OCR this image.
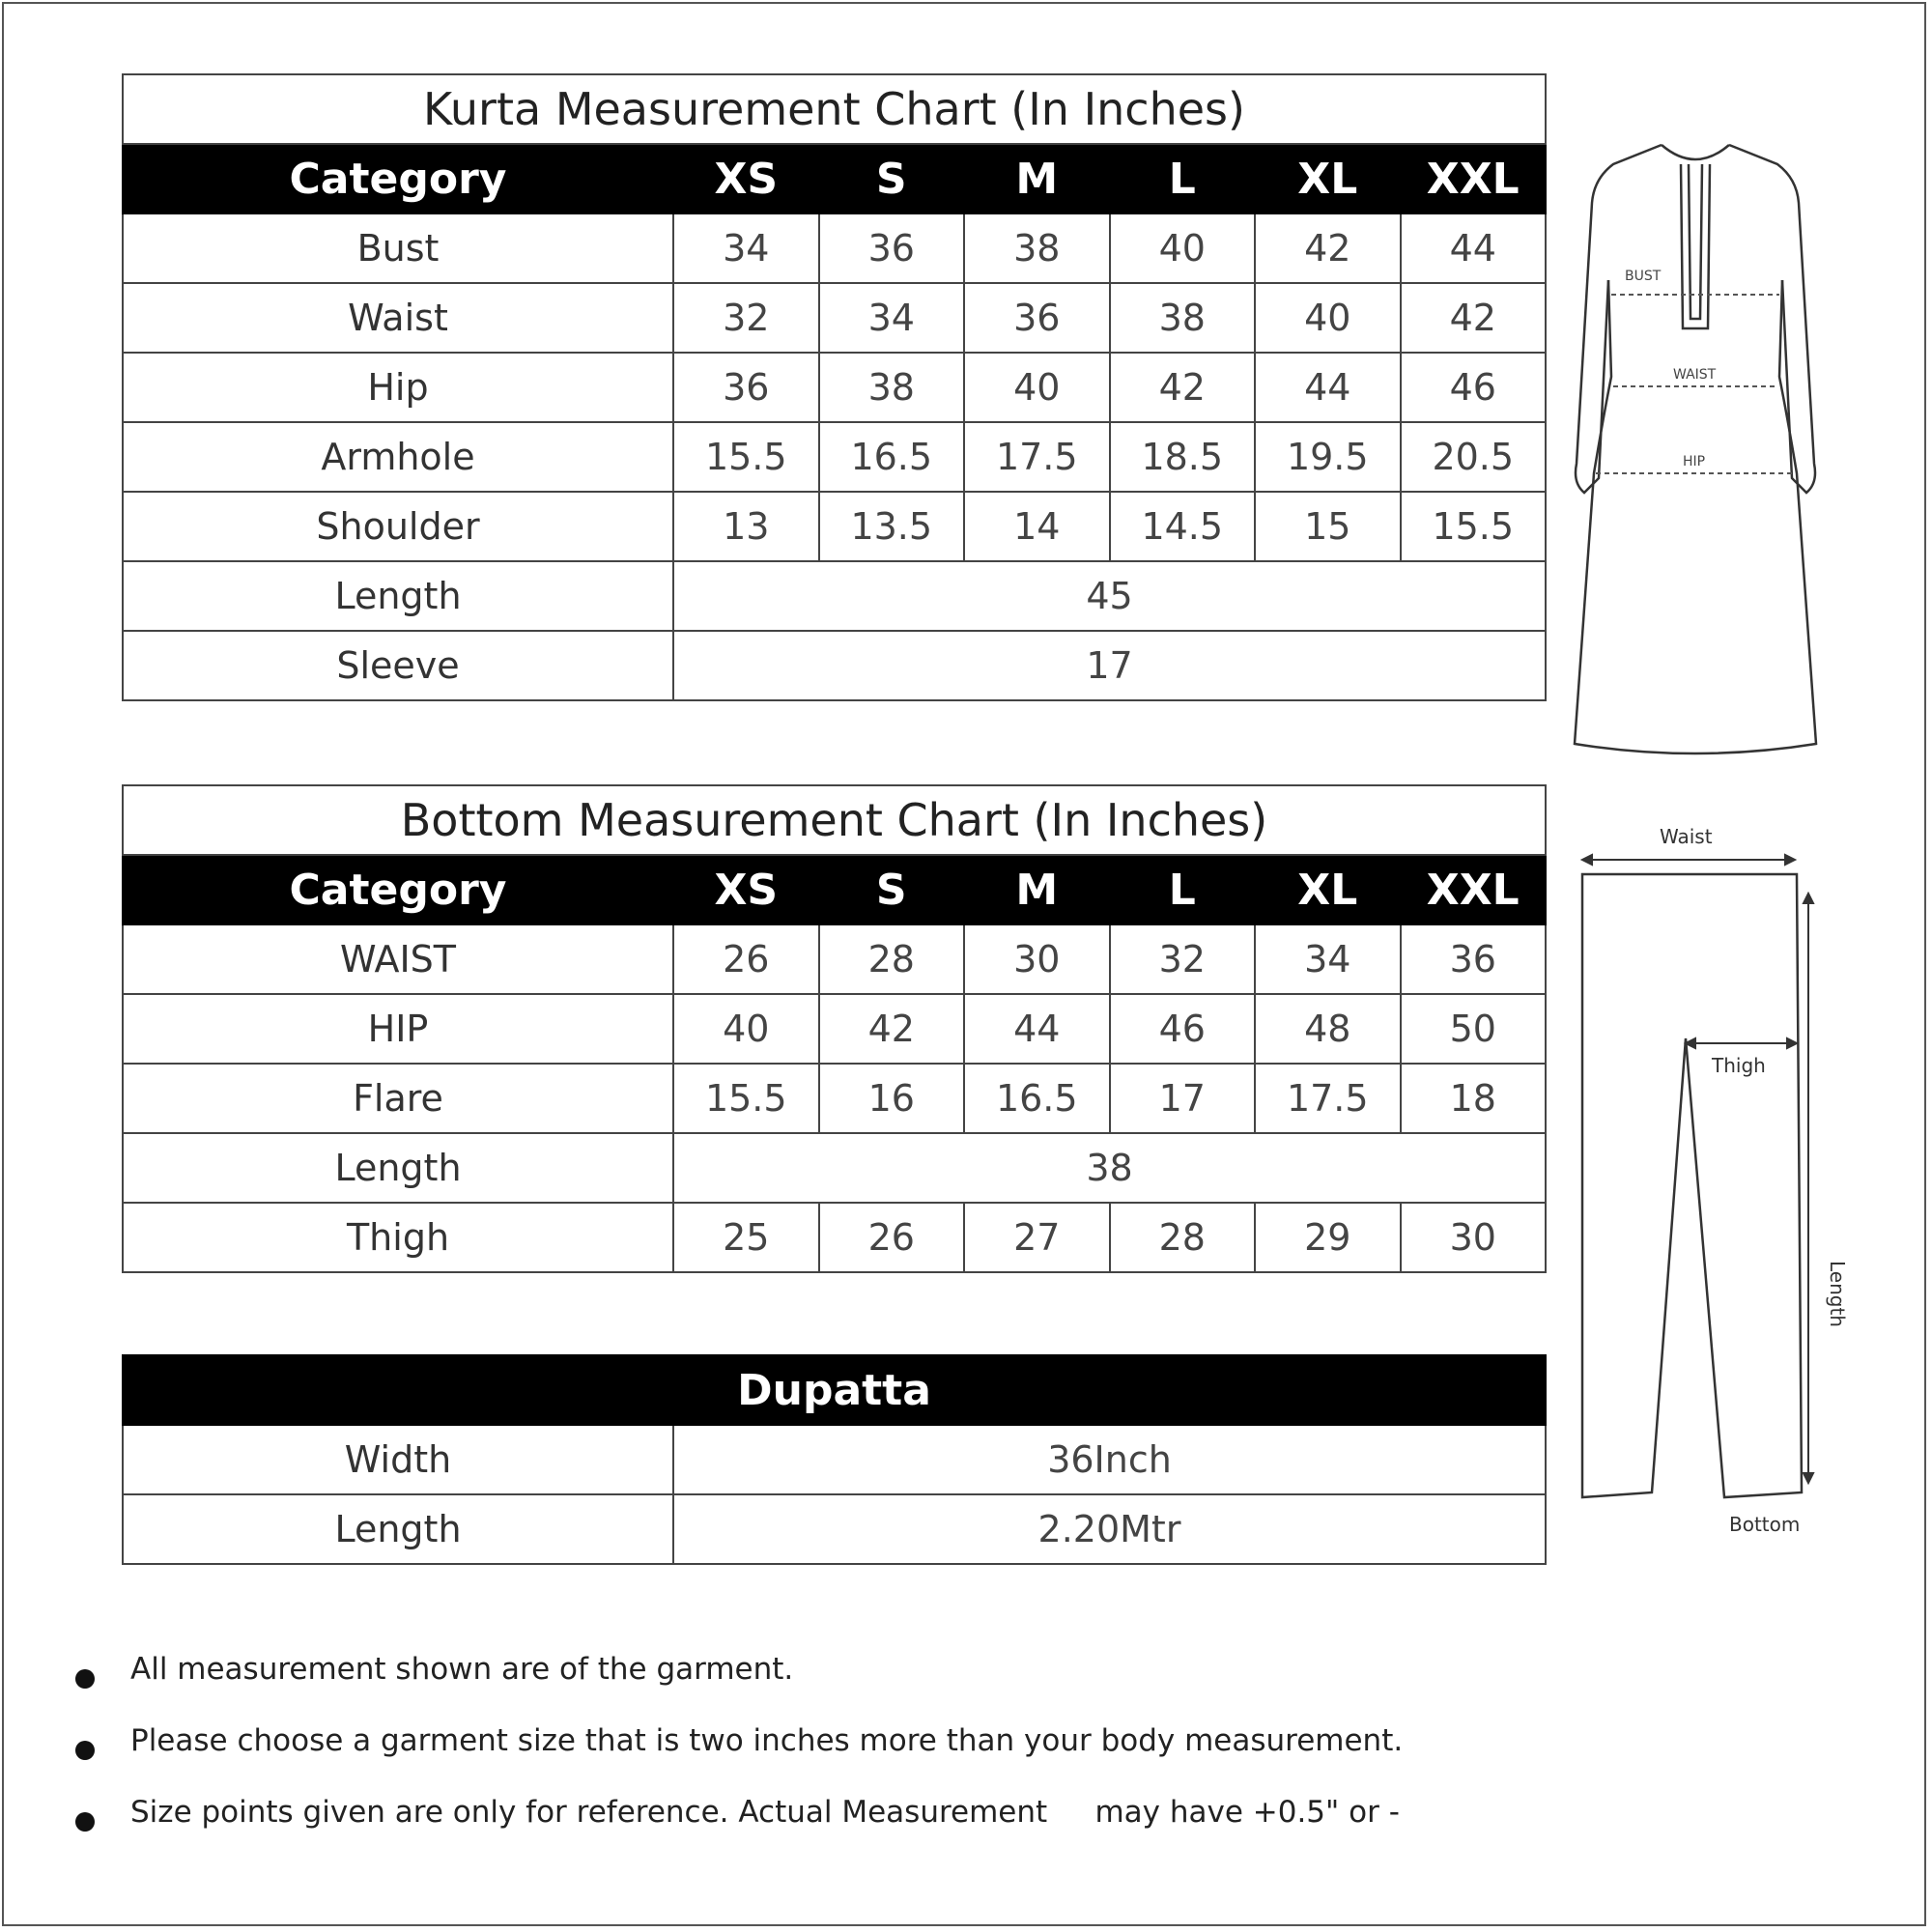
Kurta Measurement Chart (In Inches)						
Category	XS	S	M	L	XL	XXL
Bust	34	36	38	40	42	44
Waist	32	34	36	38	40	42
Hip	36	38	40	42	44	46
Armhole	15.5	16.5	17.5	18.5	19.5	20.5
Shoulder	13	13.5	14	14.5	15	15.5
Length	45					
Sleeve	17					
Bottom Measurement Chart (In Inches)						
Category	XS	S	M	L	XL	XXL
WAIST	26	28	30	32	34	36
HIP	40	42	44	46	48	50
Flare	15.5	16	16.5	17	17.5	18
Length	38					
Thigh	25	26	27	28	29	30
Dupatta	
Width	36Inch
Length	2.20Mtr
BUST
WAIST
HIP
Waist
Thigh
Length
Bottom
All measurement shown are of the garment.
Please choose a garment size that is two inches more than your body measurement.
Size points given are only for reference. Actual Measurement     may have +0.5" or -
